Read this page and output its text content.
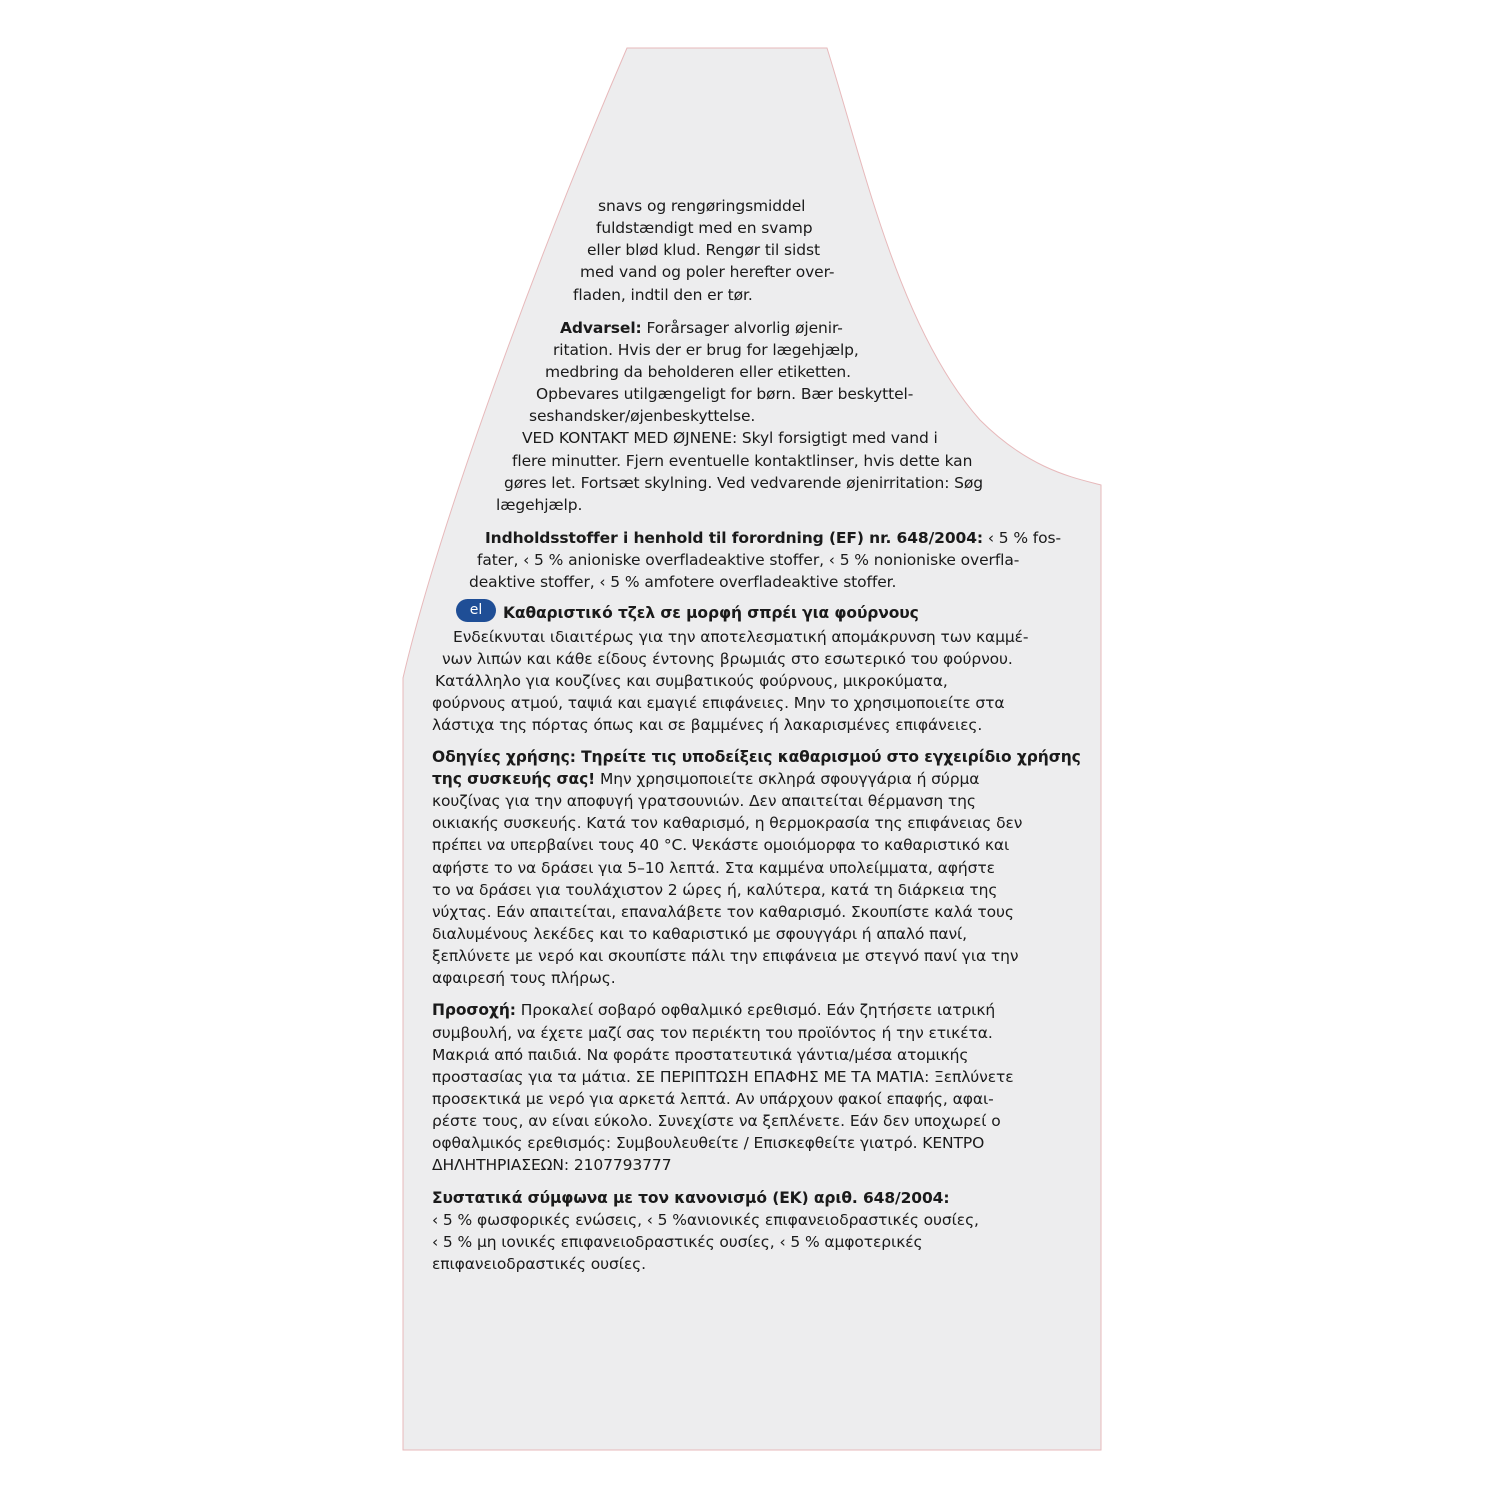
snavs og rengøringsmiddel
fuldstændigt med en svamp
eller blød klud. Rengør til sidst
med vand og poler herefter over-
fladen, indtil den er tør.
Advarsel: Forårsager alvorlig øjenir-
ritation. Hvis der er brug for lægehjælp,
medbring da beholderen eller etiketten.
Opbevares utilgængeligt for børn. Bær beskyttel-
seshandsker/øjenbeskyttelse.
VED KONTAKT MED ØJNENE: Skyl forsigtigt med vand i
flere minutter. Fjern eventuelle kontaktlinser, hvis dette kan
gøres let. Fortsæt skylning. Ved vedvarende øjenirritation: Søg
lægehjælp.
Indholdsstoffer i henhold til forordning (EF) nr. 648/2004: ‹ 5 % fos-
fater, ‹ 5 % anioniske overfladeaktive stoffer, ‹ 5 % nonioniske overfla-
deaktive stoffer, ‹ 5 % amfotere overfladeaktive stoffer.
el	Καθαριστικό τζελ σε μορφή σπρέι για φούρνους
Ενδείκνυται ιδιαιτέρως για την αποτελεσματική απομάκρυνση των καμμέ-
νων λιπών και κάθε είδους έντονης βρωμιάς στο εσωτερικό του φούρνου.
Κατάλληλο για κουζίνες και συμβατικούς φούρνους, μικροκύματα,
φούρνους ατμού, ταψιά και εμαγιέ επιφάνειες. Μην το χρησιμοποιείτε στα
λάστιχα της πόρτας όπως και σε βαμμένες ή λακαρισμένες επιφάνειες.
Οδηγίες χρήσης: Τηρείτε τις υποδείξεις καθαρισμού στο εγχειρίδιο χρήσης
της συσκευής σας! Μην χρησιμοποιείτε σκληρά σφουγγάρια ή σύρμα
κουζίνας για την αποφυγή γρατσουνιών. Δεν απαιτείται θέρμανση της
οικιακής συσκευής. Κατά τον καθαρισμό, η θερμοκρασία της επιφάνειας δεν
πρέπει να υπερβαίνει τους 40 °C. Ψεκάστε ομοιόμορφα το καθαριστικό και
αφήστε το να δράσει για 5–10 λεπτά. Στα καμμένα υπολείμματα, αφήστε
το να δράσει για τουλάχιστον 2 ώρες ή, καλύτερα, κατά τη διάρκεια της
νύχτας. Εάν απαιτείται, επαναλάβετε τον καθαρισμό. Σκουπίστε καλά τους
διαλυμένους λεκέδες και το καθαριστικό με σφουγγάρι ή απαλό πανί,
ξεπλύνετε με νερό και σκουπίστε πάλι την επιφάνεια με στεγνό πανί για την
αφαιρεσή τους πλήρως.
Προσοχή: Προκαλεί σοβαρό οφθαλμικό ερεθισμό. Εάν ζητήσετε ιατρική
συμβουλή, να έχετε μαζί σας τον περιέκτη του προϊόντος ή την ετικέτα.
Μακριά από παιδιά. Να φοράτε προστατευτικά γάντια/μέσα ατομικής
προστασίας για τα μάτια. ΣΕ ΠΕΡΙΠΤΩΣΗ ΕΠΑΦΗΣ ΜΕ ΤΑ ΜΑΤΙΑ: Ξεπλύνετε
προσεκτικά με νερό για αρκετά λεπτά. Αν υπάρχουν φακοί επαφής, αφαι-
ρέστε τους, αν είναι εύκολο. Συνεχίστε να ξεπλένετε. Εάν δεν υποχωρεί ο
οφθαλμικός ερεθισμός: Συμβουλευθείτε / Επισκεφθείτε γιατρό. ΚΕΝΤΡΟ
ΔΗΛΗΤΗΡΙΑΣΕΩΝ: 2107793777
Συστατικά σύμφωνα με τον κανονισμό (ΕΚ) αριθ. 648/2004:
‹ 5 % φωσφορικές ενώσεις, ‹ 5 %ανιονικές επιφανειοδραστικές ουσίες,
‹ 5 % μη ιονικές επιφανειοδραστικές ουσίες, ‹ 5 % αμφοτερικές
επιφανειοδραστικές ουσίες.
